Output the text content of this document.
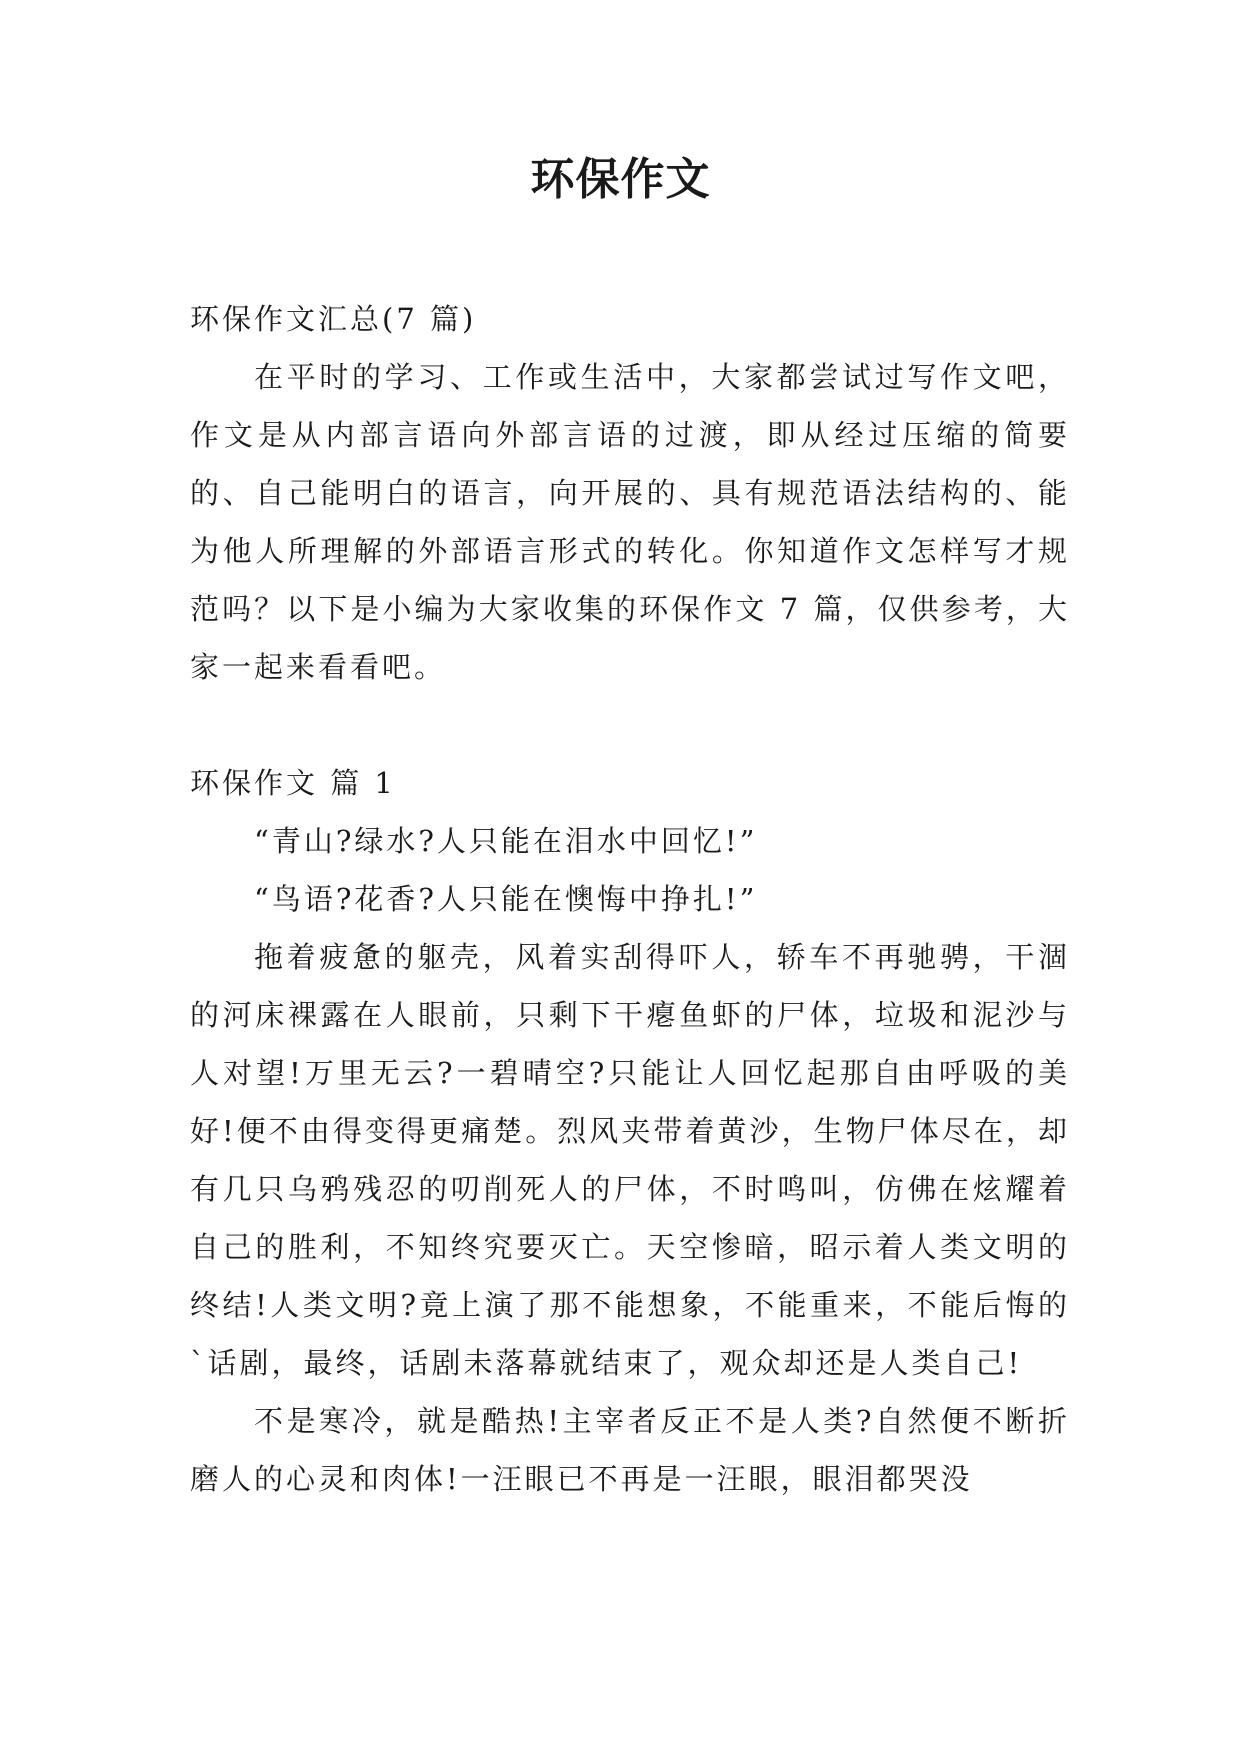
环保作文

环保作文汇总(7 篇)

在平时的学习、工作或生活中，大家都尝试过写作文吧，作文是从内部言语向外部言语的过渡，即从经过压缩的简要的、自己能明白的语言，向开展的、具有规范语法结构的、能为他人所理解的外部语言形式的转化。你知道作文怎样写才规范吗？以下是小编为大家收集的环保作文 7 篇，仅供参考，大家一起来看看吧。

环保作文 篇 1

“青山?绿水?人只能在泪水中回忆!”

“鸟语?花香?人只能在懊悔中挣扎!”

拖着疲惫的躯壳，风着实刮得吓人，轿车不再驰骋，干涸的河床裸露在人眼前，只剩下干瘪鱼虾的尸体，垃圾和泥沙与人对望!万里无云?一碧晴空?只能让人回忆起那自由呼吸的美好!便不由得变得更痛楚。烈风夹带着黄沙，生物尸体尽在，却有几只乌鸦残忍的叨削死人的尸体，不时鸣叫，仿佛在炫耀着自己的胜利，不知终究要灭亡。天空惨暗，昭示着人类文明的终结!人类文明?竟上演了那不能想象，不能重来，不能后悔的`话剧，最终，话剧未落幕就结束了，观众却还是人类自己!

不是寒冷，就是酷热!主宰者反正不是人类?自然便不断折磨人的心灵和肉体!一汪眼已不再是一汪眼，眼泪都哭没
